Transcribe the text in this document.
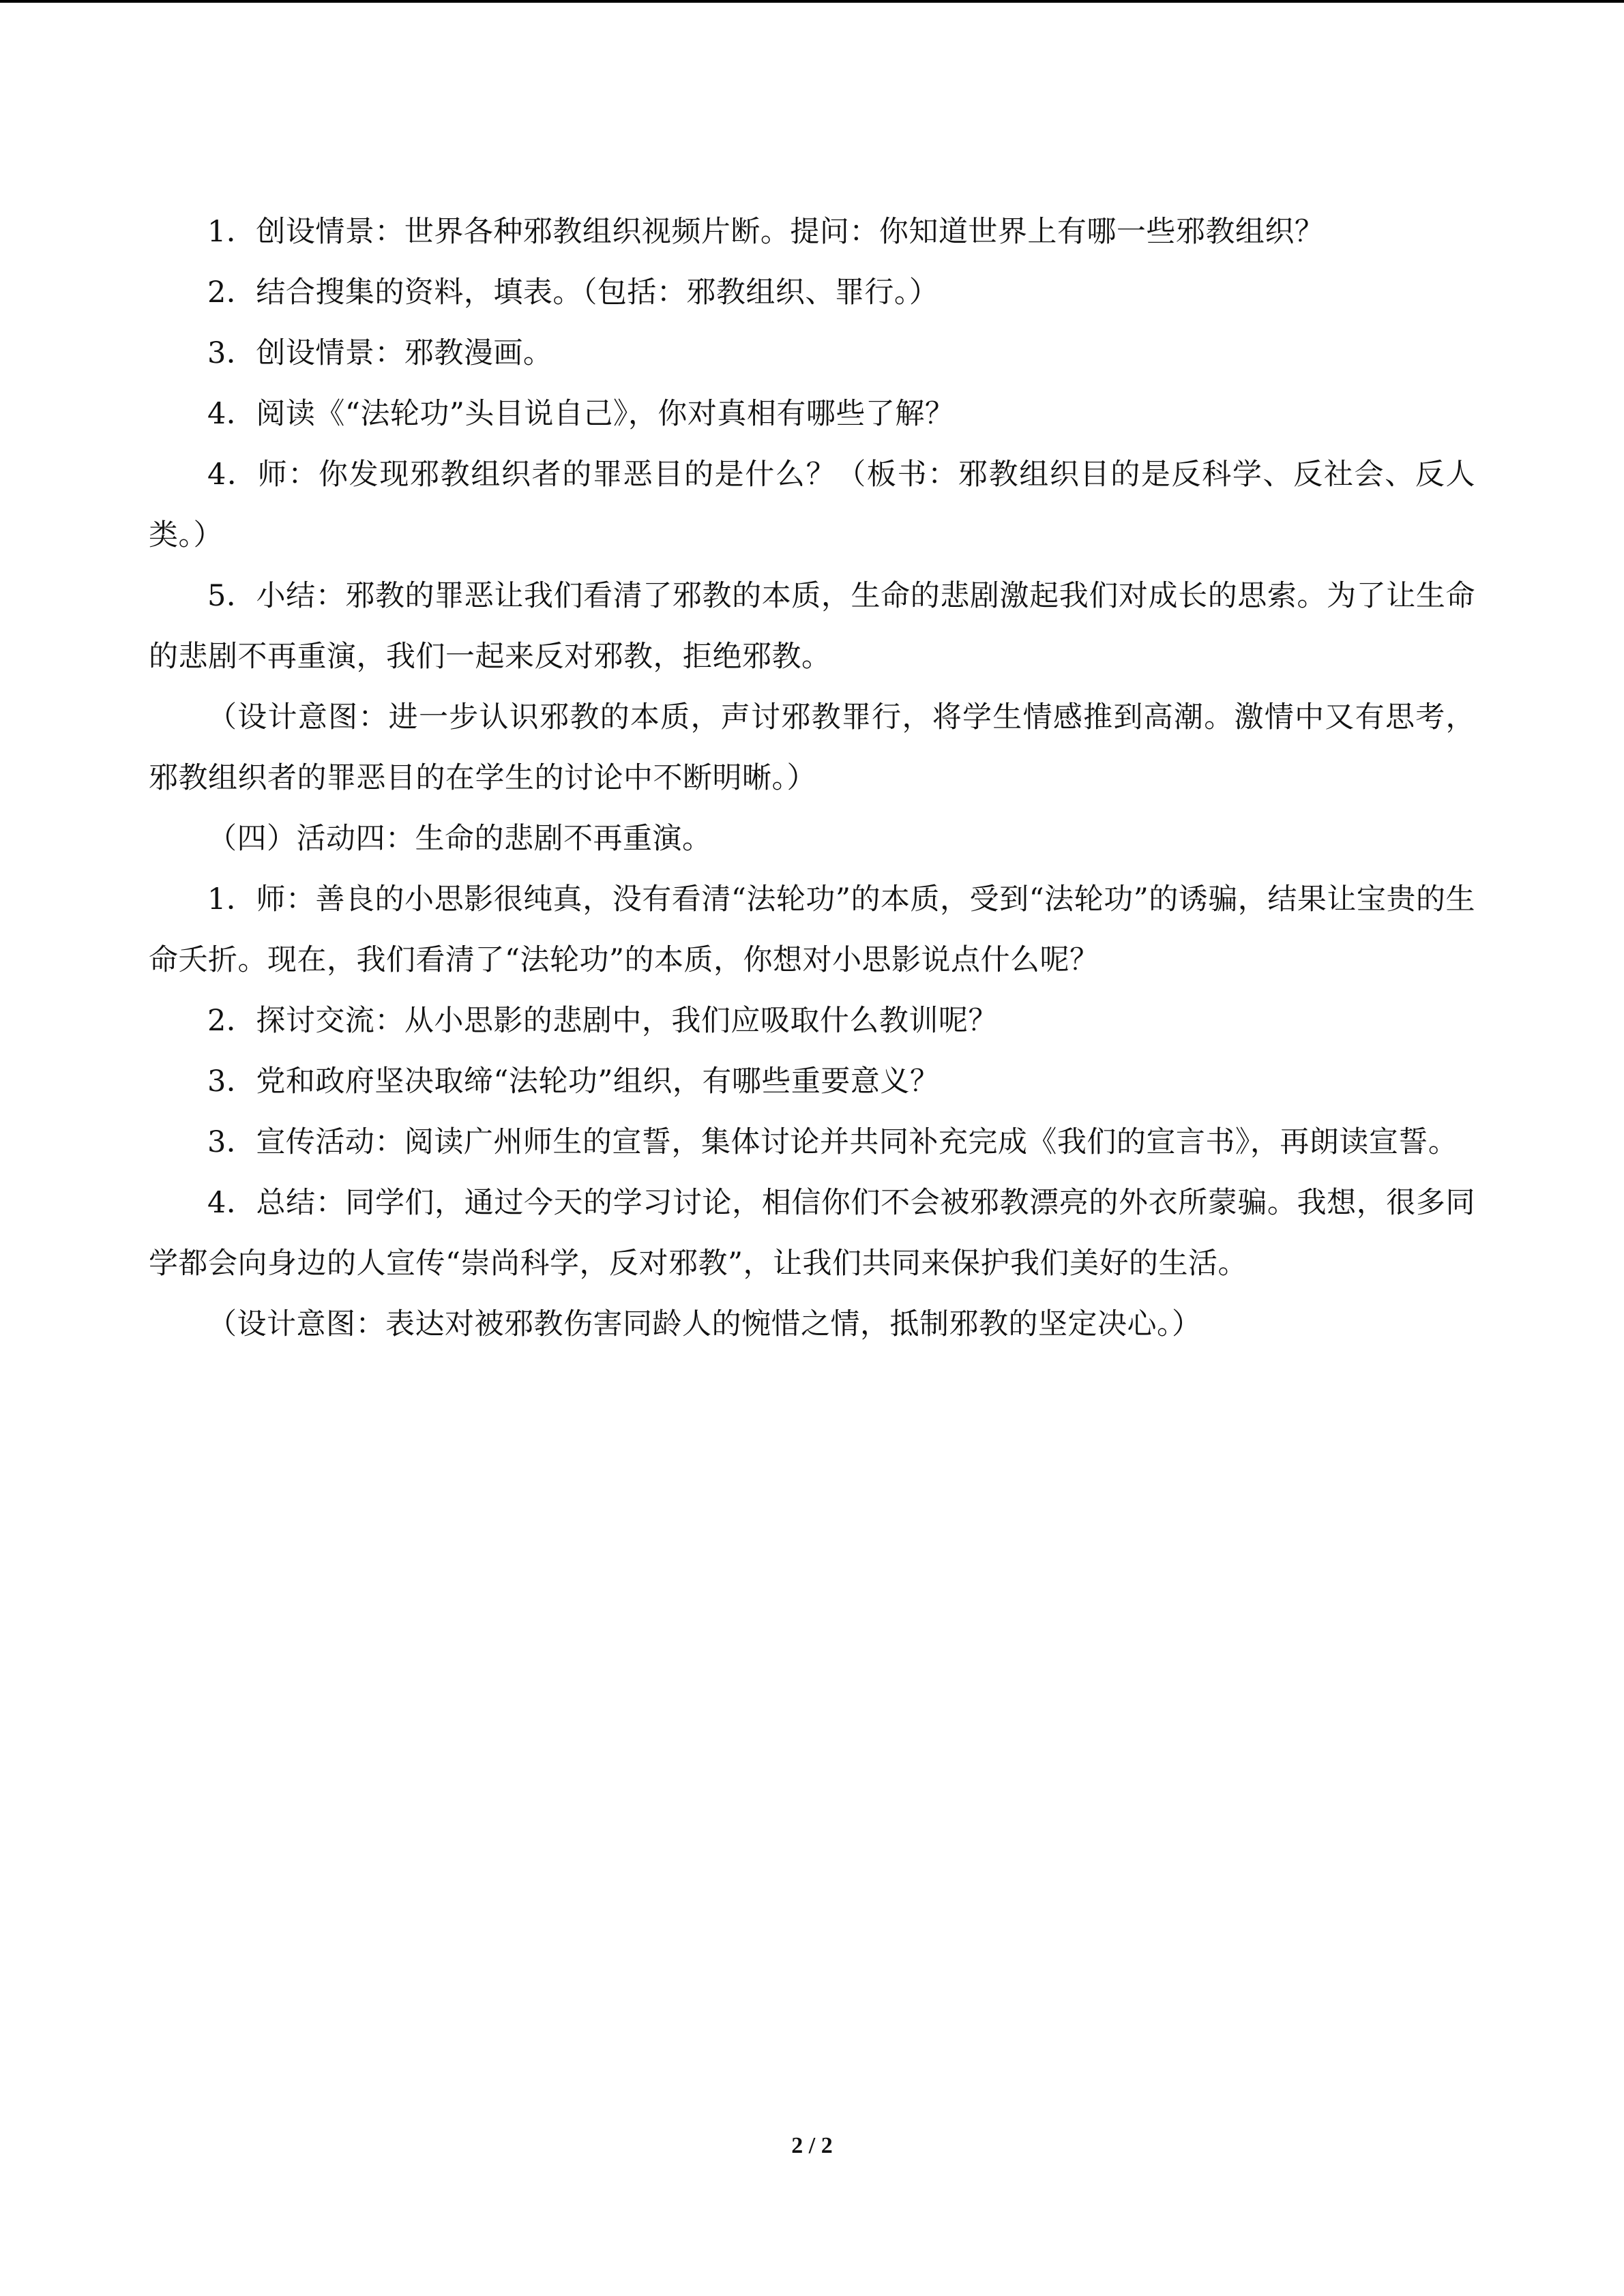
1．创设情景：世界各种邪教组织视频片断。提问：你知道世界上有哪一些邪教组织？

2．结合搜集的资料，填表。（包括：邪教组织、罪行。）

3．创设情景：邪教漫画。

4．阅读《“法轮功”头目说自己》，你对真相有哪些了解？

4．师：你发现邪教组织者的罪恶目的是什么？（板书：邪教组织目的是反科学、反社会、反人类。）

5．小结：邪教的罪恶让我们看清了邪教的本质，生命的悲剧激起我们对成长的思索。为了让生命的悲剧不再重演，我们一起来反对邪教，拒绝邪教。

（设计意图：进一步认识邪教的本质，声讨邪教罪行，将学生情感推到高潮。激情中又有思考，邪教组织者的罪恶目的在学生的讨论中不断明晰。）

（四）活动四：生命的悲剧不再重演。

1．师：善良的小思影很纯真，没有看清“法轮功”的本质，受到“法轮功”的诱骗，结果让宝贵的生命夭折。现在，我们看清了“法轮功”的本质，你想对小思影说点什么呢？

2．探讨交流：从小思影的悲剧中，我们应吸取什么教训呢？

3．党和政府坚决取缔“法轮功”组织，有哪些重要意义？

3．宣传活动：阅读广州师生的宣誓，集体讨论并共同补充完成《我们的宣言书》，再朗读宣誓。

4．总结：同学们，通过今天的学习讨论，相信你们不会被邪教漂亮的外衣所蒙骗。我想，很多同学都会向身边的人宣传“崇尚科学，反对邪教”，让我们共同来保护我们美好的生活。

（设计意图：表达对被邪教伤害同龄人的惋惜之情，抵制邪教的坚定决心。）

2 / 2
